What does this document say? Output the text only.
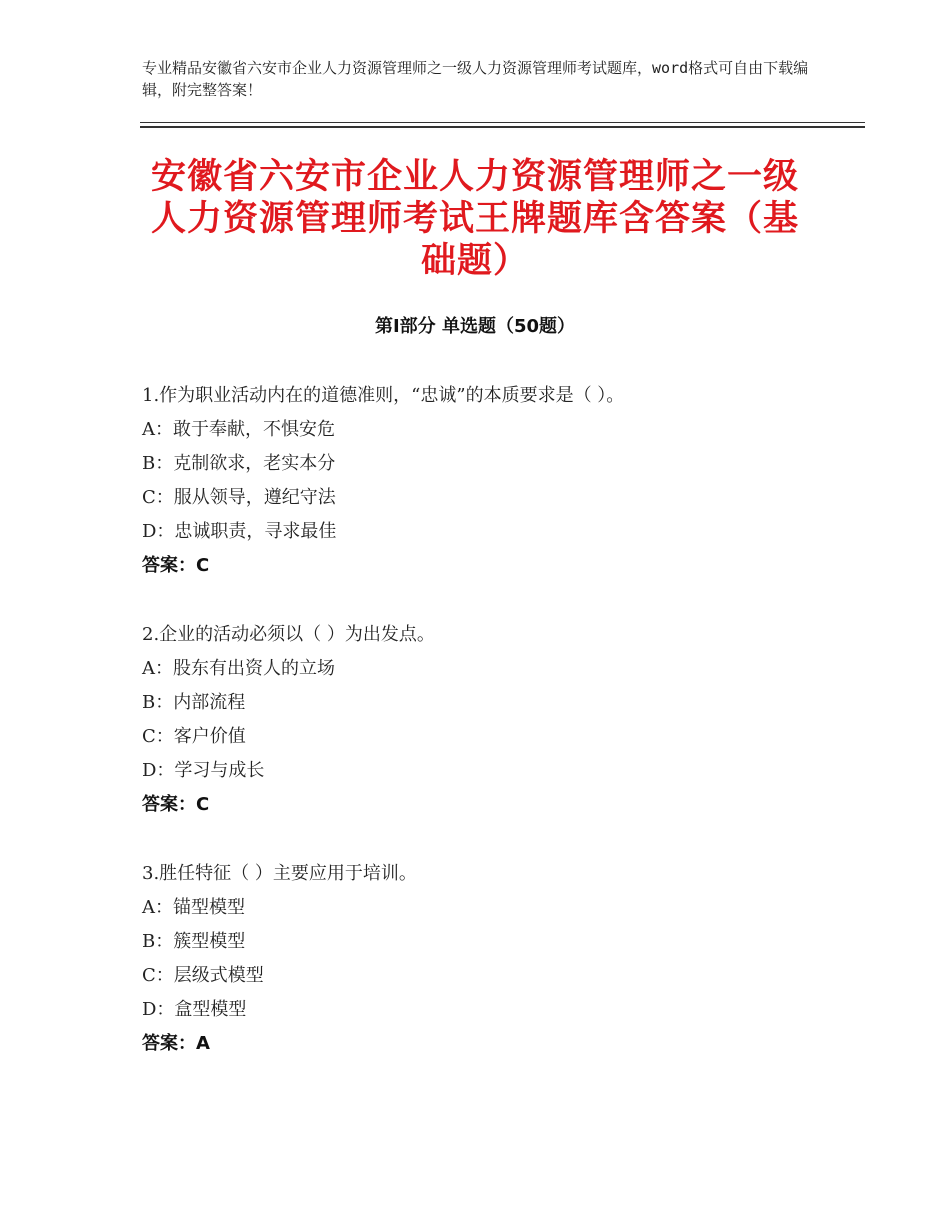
专业精品安徽省六安市企业人力资源管理师之一级人力资源管理师考试题库，word格式可自由下载编辑，附完整答案！
安徽省六安市企业人力资源管理师之一级人力资源管理师考试王牌题库含答案（基础题）
第Ⅰ部分 单选题（50题）
1.作为职业活动内在的道德准则，“忠诚”的本质要求是（ ）。
A：敢于奉献，不惧安危
B：克制欲求，老实本分
C：服从领导，遵纪守法
D：忠诚职责，寻求最佳
答案：C
2.企业的活动必须以（ ）为出发点。
A：股东有出资人的立场
B：内部流程
C：客户价值
D：学习与成长
答案：C
3.胜任特征（ ）主要应用于培训。
A：锚型模型
B：簇型模型
C：层级式模型
D：盒型模型
答案：A
